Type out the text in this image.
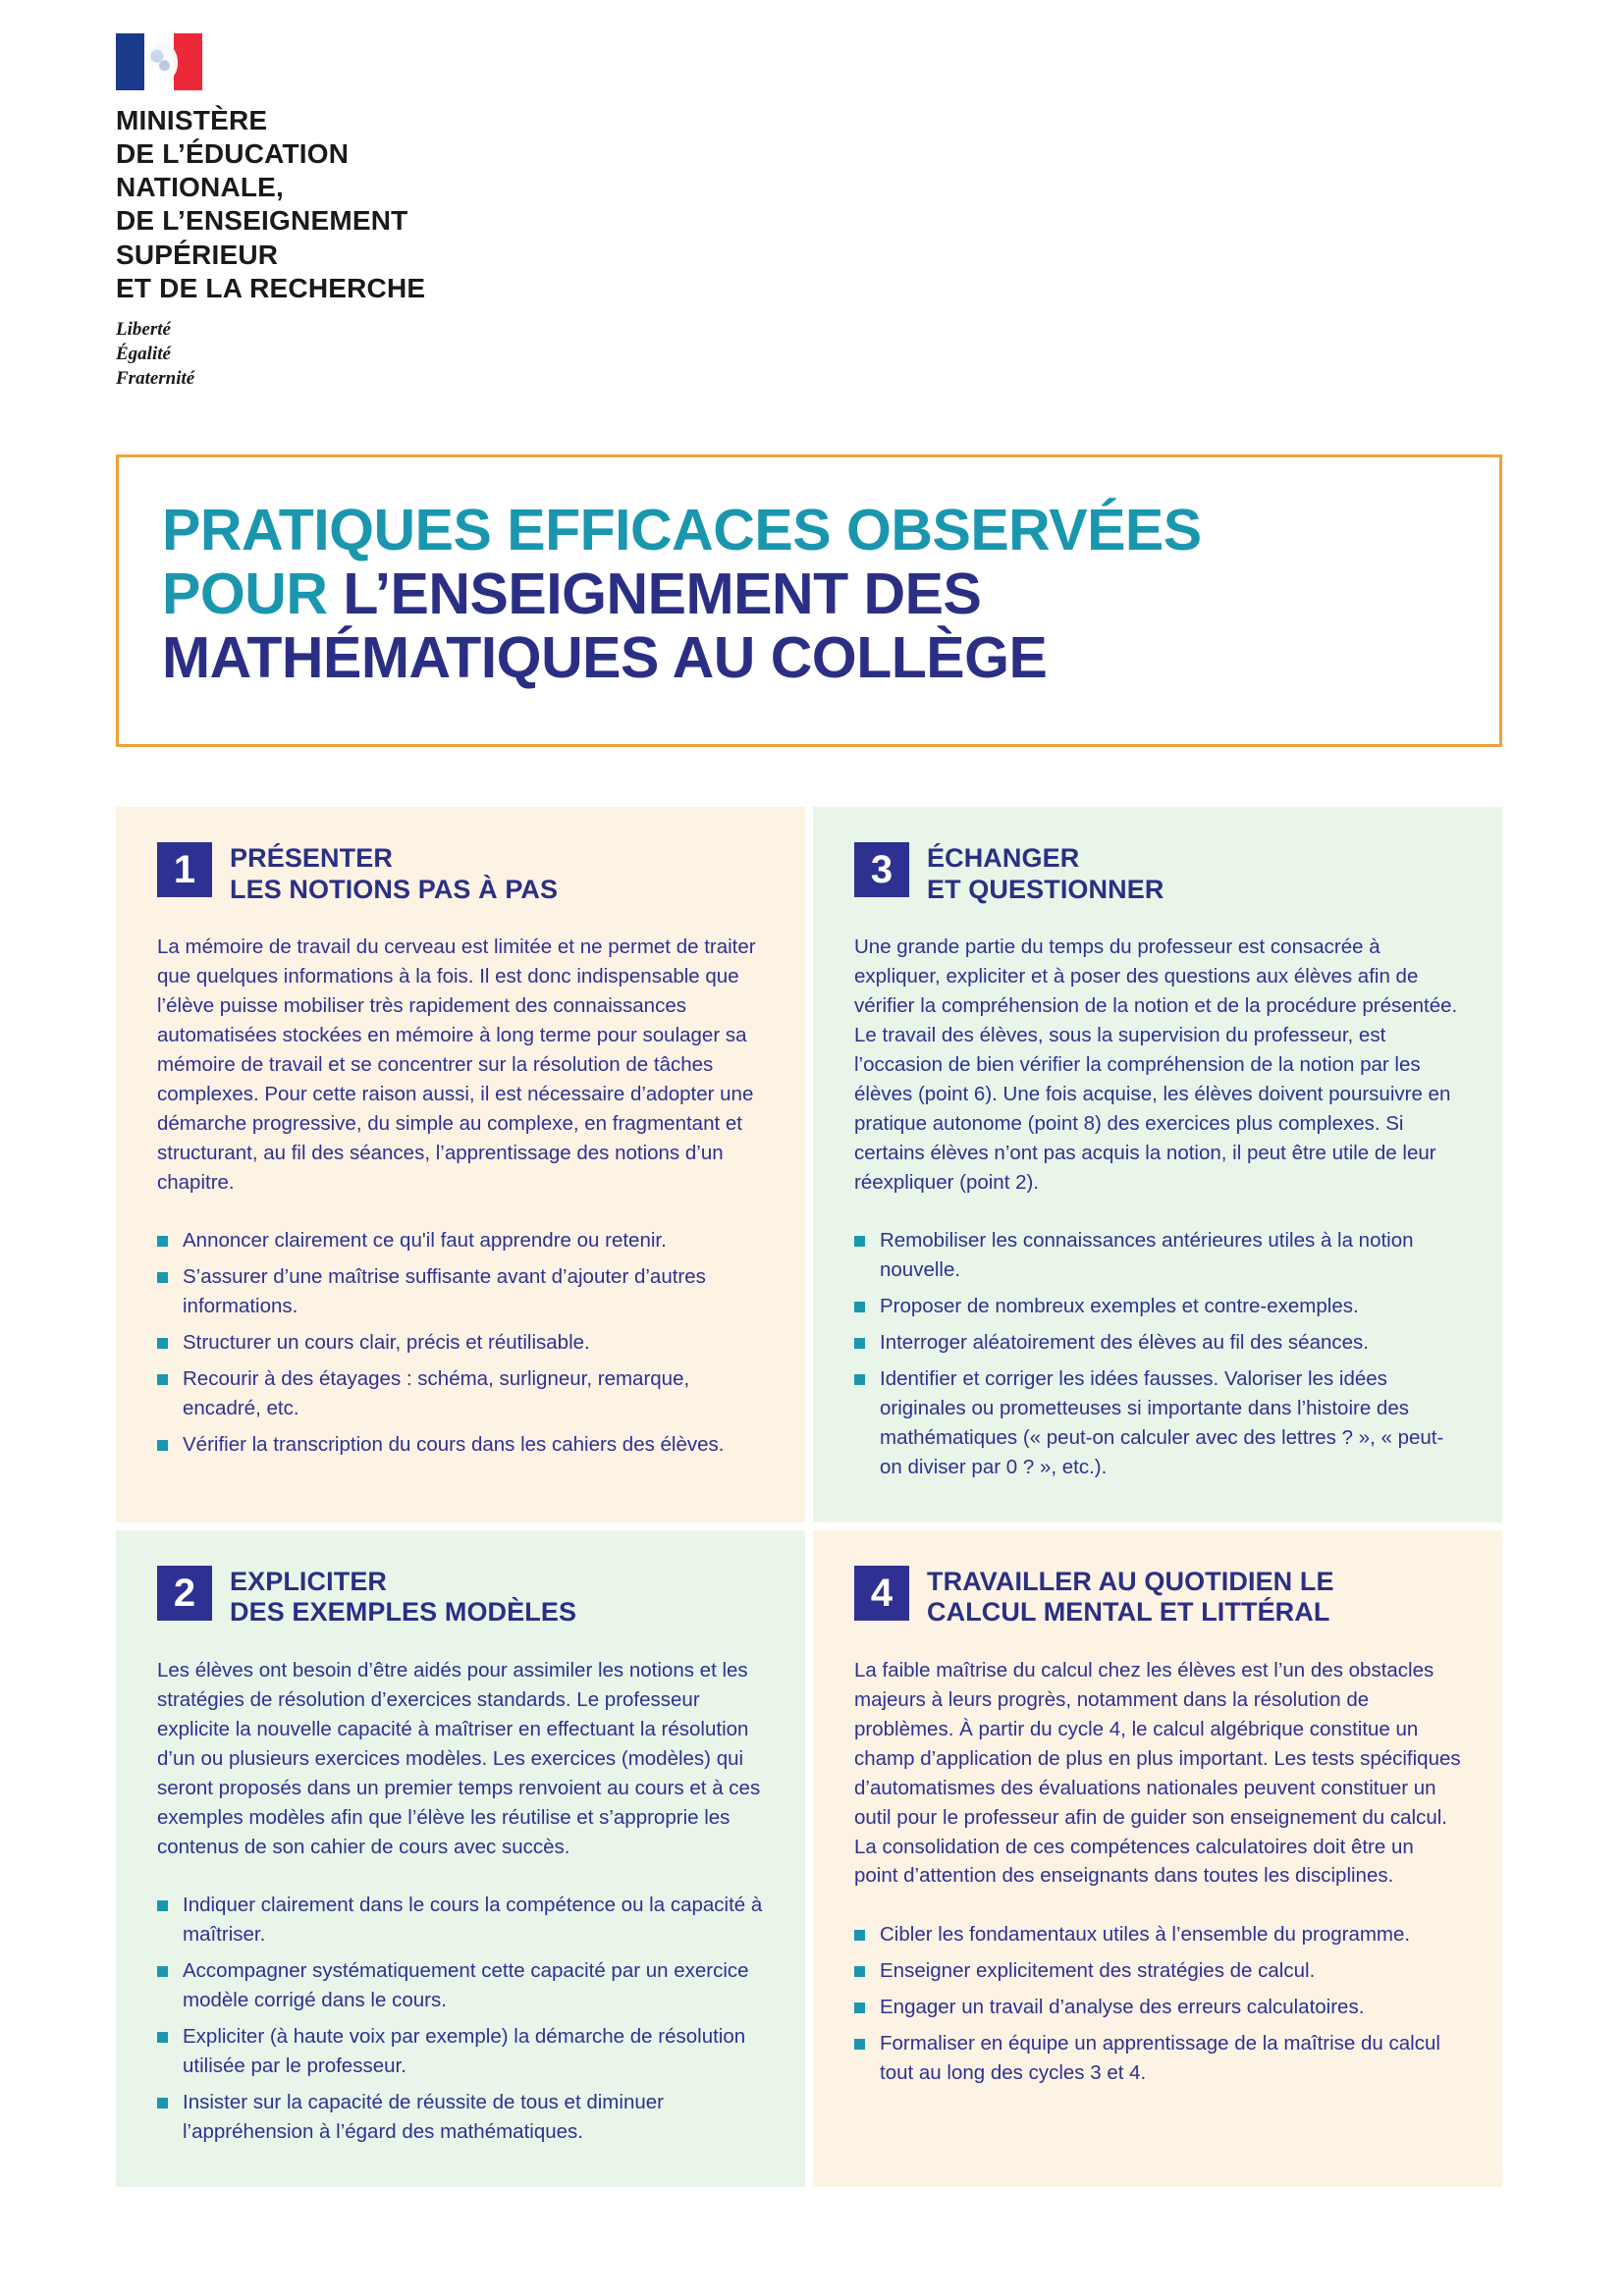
MINISTÈRE
DE L’ÉDUCATION
NATIONALE,
DE L’ENSEIGNEMENT
SUPÉRIEUR
ET DE LA RECHERCHE
Liberté
Égalité
Fraternité
PRATIQUES EFFICACES OBSERVÉES
POUR L’ENSEIGNEMENT DES
MATHÉMATIQUES AU COLLÈGE
1	PRÉSENTER
LES NOTIONS PAS À PAS

La mémoire de travail du cerveau est limitée et ne permet de traiter que quelques informations à la fois. Il est donc indispensable que l’élève puisse mobiliser très rapidement des connaissances automatisées stockées en mémoire à long terme pour soulager sa mémoire de travail et se concentrer sur la résolution de tâches complexes. Pour cette raison aussi, il est nécessaire d’adopter une démarche progressive, du simple au complexe, en fragmentant et structurant, au fil des séances, l’apprentissage des notions d’un chapitre.

Annoncer clairement ce qu'il faut apprendre ou retenir.
S’assurer d’une maîtrise suffisante avant d’ajouter d’autres informations.
Structurer un cours clair, précis et réutilisable.
Recourir à des étayages : schéma, surligneur, remarque, encadré, etc.
Vérifier la transcription du cours dans les cahiers des élèves.
3	ÉCHANGER
ET QUESTIONNER

Une grande partie du temps du professeur est consacrée à expliquer, expliciter et à poser des questions aux élèves afin de vérifier la compréhension de la notion et de la procédure présentée. Le travail des élèves, sous la supervision du professeur, est l’occasion de bien vérifier la compréhension de la notion par les élèves (point 6). Une fois acquise, les élèves doivent poursuivre en pratique autonome (point 8) des exercices plus complexes. Si certains élèves n’ont pas acquis la notion, il peut être utile de leur réexpliquer (point 2).

Remobiliser les connaissances antérieures utiles à la notion nouvelle.
Proposer de nombreux exemples et contre-exemples.
Interroger aléatoirement des élèves au fil des séances.
Identifier et corriger les idées fausses. Valoriser les idées originales ou prometteuses si importante dans l’histoire des mathématiques (« peut-on calculer avec des lettres ? », « peut-on diviser par 0 ? », etc.).
2	EXPLICITER
DES EXEMPLES MODÈLES

Les élèves ont besoin d’être aidés pour assimiler les notions et les stratégies de résolution d’exercices standards. Le professeur explicite la nouvelle capacité à maîtriser en effectuant la résolution d’un ou plusieurs exercices modèles. Les exercices (modèles) qui seront proposés dans un premier temps renvoient au cours et à ces exemples modèles afin que l’élève les réutilise et s’approprie les contenus de son cahier de cours avec succès.

Indiquer clairement dans le cours la compétence ou la capacité à maîtriser.
Accompagner systématiquement cette capacité par un exercice modèle corrigé dans le cours.
Expliciter (à haute voix par exemple) la démarche de résolution utilisée par le professeur.
Insister sur la capacité de réussite de tous et diminuer l’appréhension à l’égard des mathématiques.
4	TRAVAILLER AU QUOTIDIEN LE
CALCUL MENTAL ET LITTÉRAL

La faible maîtrise du calcul chez les élèves est l’un des obstacles majeurs à leurs progrès, notamment dans la résolution de problèmes. À partir du cycle 4, le calcul algébrique constitue un champ d’application de plus en plus important. Les tests spécifiques d’automatismes des évaluations nationales peuvent constituer un outil pour le professeur afin de guider son enseignement du calcul. La consolidation de ces compétences calculatoires doit être un point d’attention des enseignants dans toutes les disciplines.

Cibler les fondamentaux utiles à l’ensemble du programme.
Enseigner explicitement des stratégies de calcul.
Engager un travail d’analyse des erreurs calculatoires.
Formaliser en équipe un apprentissage de la maîtrise du calcul tout au long des cycles 3 et 4.
